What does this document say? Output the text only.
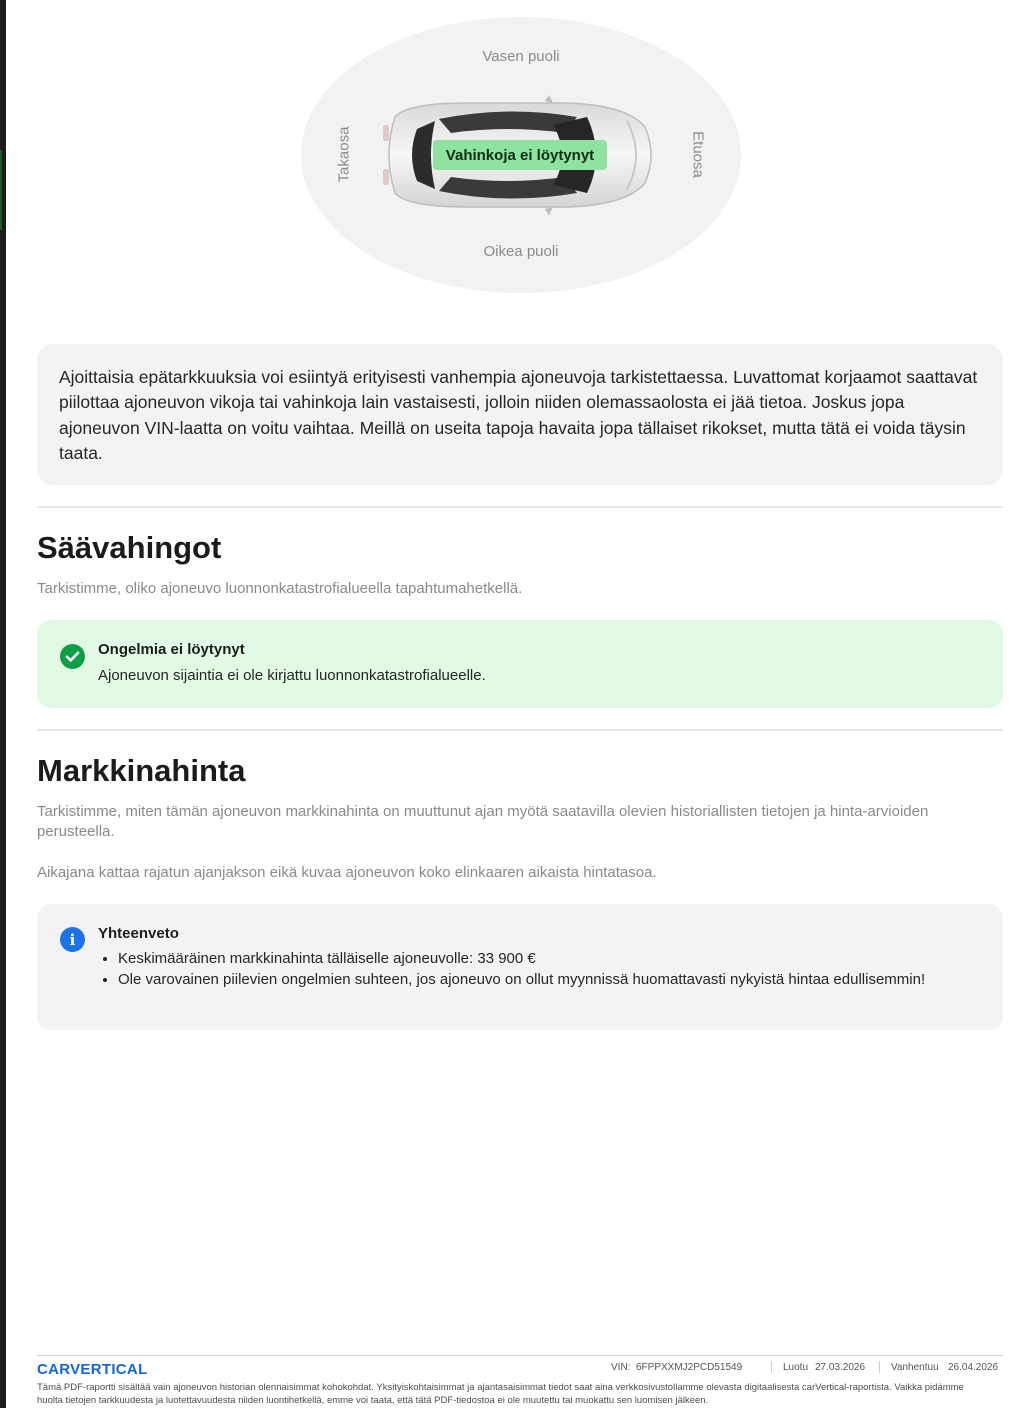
Vasen puoli
Oikea puoli
Takaosa	Etuosa
Vahinkoja ei löytynyt
Ajoittaisia epätarkkuuksia voi esiintyä erityisesti vanhempia ajoneuvoja tarkistettaessa. Luvattomat korjaamot saattavat piilottaa ajoneuvon vikoja tai vahinkoja lain vastaisesti, jolloin niiden olemassaolosta ei jää tietoa. Joskus jopa ajoneuvon VIN-laatta on voitu vaihtaa. Meillä on useita tapoja havaita jopa tällaiset rikokset, mutta tätä ei voida täysin taata.
Säävahingot

Tarkistimme, oliko ajoneuvo luonnonkatastrofialueella tapahtumahetkellä.

Ongelmia ei löytynyt
Ajoneuvon sijaintia ei ole kirjattu luonnonkatastrofialueelle.
Markkinahinta

Tarkistimme, miten tämän ajoneuvon markkinahinta on muuttunut ajan myötä saatavilla olevien historiallisten tietojen ja hinta-arvioiden perusteella.

Aikajana kattaa rajatun ajanjakson eikä kuvaa ajoneuvon koko elinkaaren aikaista hintatasoa.

i	Yhteenveto
• Keskimääräinen markkinahinta tälläiselle ajoneuvolle: 33 900 €
• Ole varovainen piilevien ongelmien suhteen, jos ajoneuvo on ollut myynnissä huomattavasti nykyistä hintaa edullisemmin!
CARVERTICAL	VIN: 6FPPXXMJ2PCD51549	Luotu 27.03.2026	Vanhentuu 26.04.2026

Tämä PDF-raportti sisältää vain ajoneuvon historian olennaisimmat kohokohdat. Yksityiskohtaisimmat ja ajantasaisimmat tiedot saat aina verkkosivustollamme olevasta digitaalisesta carVertical-raportista. Vaikka pidämme huolta tietojen tarkkuudesta ja luotettavuudesta niiden luontihetkellä, emme voi taata, että tätä PDF-tiedostoa ei ole muutettu tai muokattu sen luomisen jälkeen.
